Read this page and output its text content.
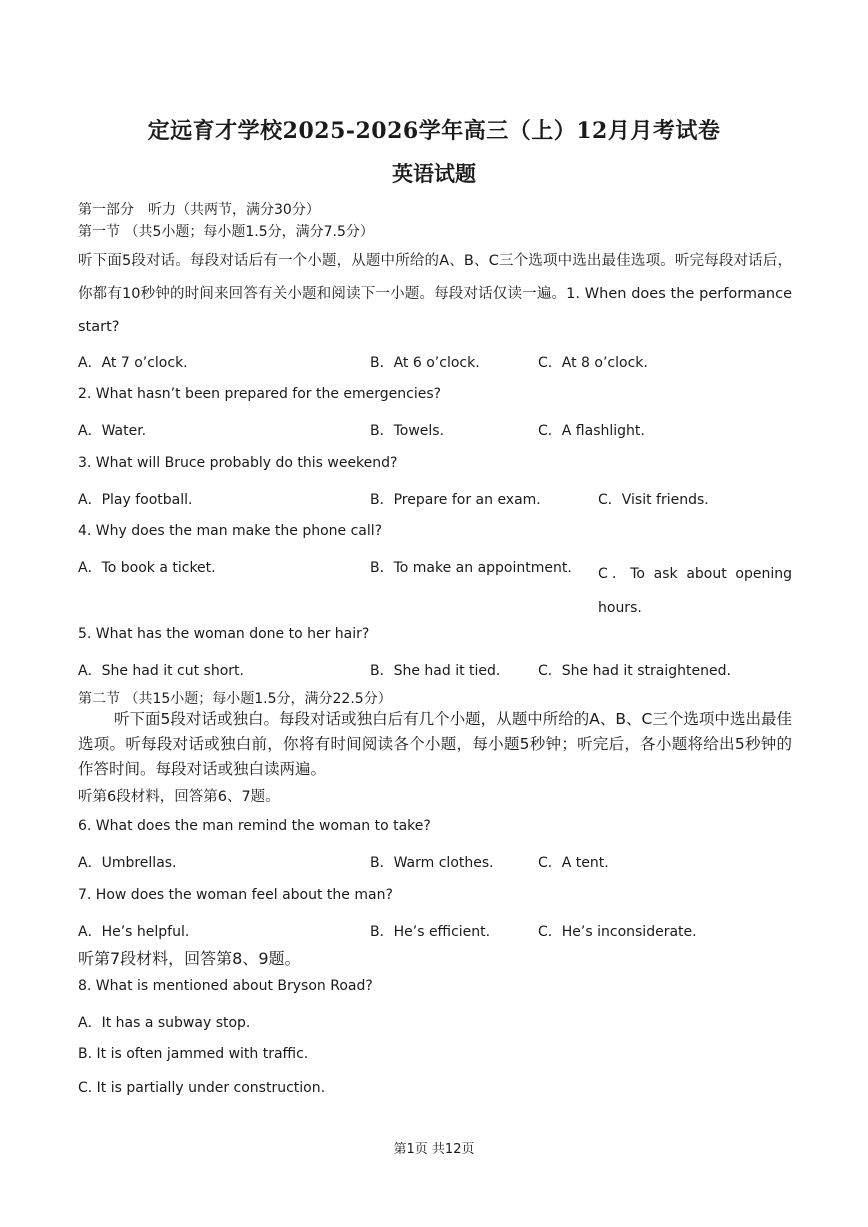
定远育才学校2025-2026学年高三（上）12月月考试卷
英语试题
第一部分　听力（共两节，满分30分）
第一节 （共5小题；每小题1.5分，满分7.5分）
听下面5段对话。每段对话后有一个小题，从题中所给的A、B、C三个选项中选出最佳选项。听完每段对话后，你都有10秒钟的时间来回答有关小题和阅读下一小题。每段对话仅读一遍。1. When does the performance start?
A．At 7 o’clock.	B．At 6 o’clock.	C．At 8 o’clock.
2. What hasn’t been prepared for the emergencies?
A．Water.	B．Towels.	C．A flashlight.
3. What will Bruce probably do this weekend?
A．Play football.	B．Prepare for an exam.	C．Visit friends.
4. Why does the man make the phone call?
A．To book a ticket.	B．To make an appointment. C．To ask about opening hours.
5. What has the woman done to her hair?
A．She had it cut short.	B．She had it tied.	C．She had it straightened.
第二节 （共15小题；每小题1.5分，满分22.5分）
听下面5段对话或独白。每段对话或独白后有几个小题，从题中所给的A、B、C三个选项中选出最佳选项。听每段对话或独白前，你将有时间阅读各个小题，每小题5秒钟；听完后，各小题将给出5秒钟的作答时间。每段对话或独白读两遍。
听第6段材料，回答第6、7题。
6. What does the man remind the woman to take?
A．Umbrellas.	B．Warm clothes.	C．A tent.
7. How does the woman feel about the man?
A．He’s helpful.	B．He’s efficient.	C．He’s inconsiderate.
听第7段材料，回答第8、9题。
8. What is mentioned about Bryson Road?
A．It has a subway stop.
B. It is often jammed with traffic.
C. It is partially under construction.
第1页 共12页
